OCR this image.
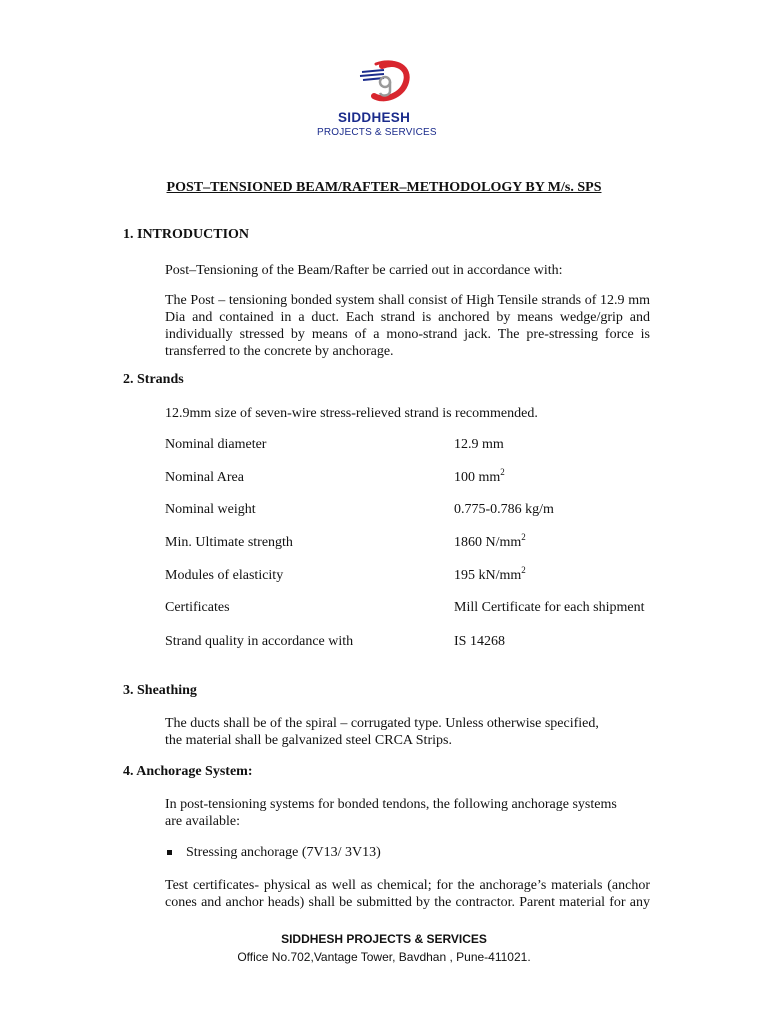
SIDDHESH
PROJECTS & SERVICES
POST–TENSIONED BEAM/RAFTER–METHODOLOGY BY M/s. SPS
1. INTRODUCTION
Post–Tensioning of the Beam/Rafter be carried out in accordance with:
The Post – tensioning bonded system shall consist of High Tensile strands of 12.9 mm Dia and contained in a duct. Each strand is anchored by means wedge/grip and individually stressed by means of a mono-strand jack. The pre-stressing force is transferred to the concrete by anchorage.
2. Strands
12.9mm size of seven-wire stress-relieved strand is recommended.
Nominal diameter	12.9 mm
Nominal Area	100 $mm^2$
Nominal weight	0.775-0.786 kg/m
Min. Ultimate strength	1860 $N/mm^2$
Modules of elasticity	195 $kN/mm^2$
Certificates	Mill Certificate for each shipment
Strand quality in accordance with	IS 14268
3. Sheathing
The ducts shall be of the spiral – corrugated type. Unless otherwise specified, the material shall be galvanized steel CRCA Strips.
4. Anchorage System:
In post-tensioning systems for bonded tendons, the following anchorage systems are available:
Stressing anchorage (7V13/ 3V13)
Test certificates- physical as well as chemical; for the anchorage’s materials (anchor cones and anchor heads) shall be submitted by the contractor. Parent material for any
SIDDHESH PROJECTS & SERVICES
Office No.702,Vantage Tower, Bavdhan , Pune-411021.
